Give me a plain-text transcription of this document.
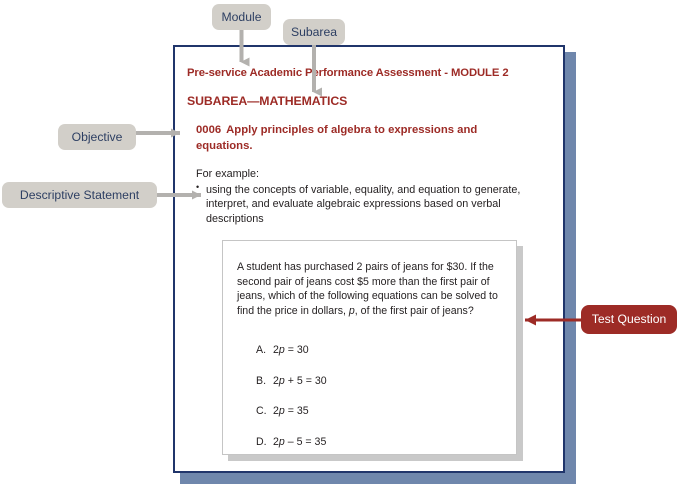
Pre-service Academic Performance Assessment - MODULE 2
SUBAREA—MATHEMATICS
0006 Apply principles of algebra to expressions and equations.
For example:
• using the concepts of variable, equality, and equation to generate, interpret, and evaluate algebraic expressions based on verbal descriptions
A student has purchased 2 pairs of jeans for $30. If the second pair of jeans cost $5 more than the first pair of jeans, which of the following equations can be solved to find the price in dollars, p, of the first pair of jeans?
A. 2p = 30
B. 2p + 5 = 30
C. 2p = 35
D. 2p – 5 = 35
Module
Subarea
Objective
Descriptive Statement
Test Question
